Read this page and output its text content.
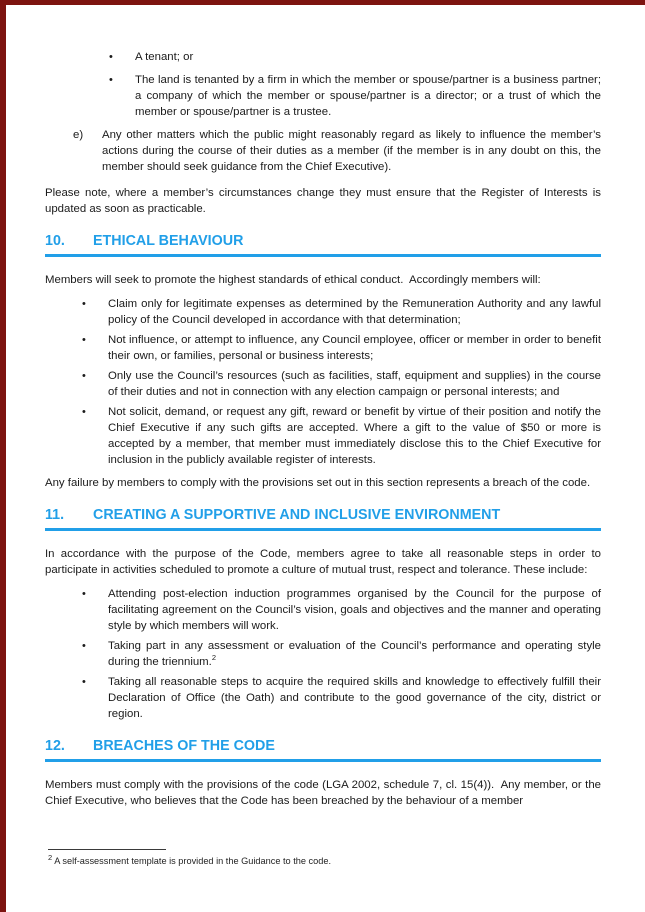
•	A tenant; or
•	The land is tenanted by a firm in which the member or spouse/partner is a business partner; a company of which the member or spouse/partner is a director; or a trust of which the member or spouse/partner is a trustee.
e)	Any other matters which the public might reasonably regard as likely to influence the member’s actions during the course of their duties as a member (if the member is in any doubt on this, the member should seek guidance from the Chief Executive).

Please note, where a member’s circumstances change they must ensure that the Register of Interests is updated as soon as practicable.

10.	ETHICAL BEHAVIOUR

Members will seek to promote the highest standards of ethical conduct.  Accordingly members will:

•	Claim only for legitimate expenses as determined by the Remuneration Authority and any lawful policy of the Council developed in accordance with that determination;
•	Not influence, or attempt to influence, any Council employee, officer or member in order to benefit their own, or families, personal or business interests;
•	Only use the Council’s resources (such as facilities, staff, equipment and supplies) in the course of their duties and not in connection with any election campaign or personal interests; and
•	Not solicit, demand, or request any gift, reward or benefit by virtue of their position and notify the Chief Executive if any such gifts are accepted. Where a gift to the value of $50 or more is accepted by a member, that member must immediately disclose this to the Chief Executive for inclusion in the publicly available register of interests.

Any failure by members to comply with the provisions set out in this section represents a breach of the code.

11.	CREATING A SUPPORTIVE AND INCLUSIVE ENVIRONMENT

In accordance with the purpose of the Code, members agree to take all reasonable steps in order to participate in activities scheduled to promote a culture of mutual trust, respect and tolerance. These include:

•	Attending post-election induction programmes organised by the Council for the purpose of facilitating agreement on the Council’s vision, goals and objectives and the manner and operating style by which members will work.
•	Taking part in any assessment or evaluation of the Council’s performance and operating style during the triennium.$^2$
•	Taking all reasonable steps to acquire the required skills and knowledge to effectively fulfill their Declaration of Office (the Oath) and contribute to the good governance of the city, district or region.
12.	BREACHES OF THE CODE

Members must comply with the provisions of the code (LGA 2002, schedule 7, cl. 15(4)).  Any member, or the Chief Executive, who believes that the Code has been breached by the behaviour of a member

$^2$ A self-assessment template is provided in the Guidance to the code.
